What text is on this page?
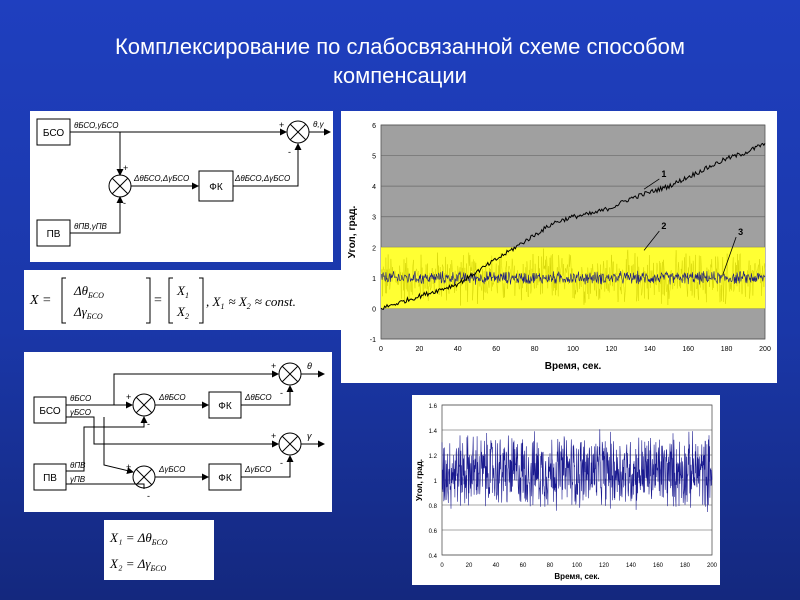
Комплексирование по слабосвязанной схеме способом
компенсации
БСО
ПВ
ФК
θБСО,γБСО
θПВ,γПВ
ΔθБСО,ΔγБСО	ΔθБСО,ΔγБСО
θ,γ
+
-
+
-
X =
$\Delta\theta_{БСО}$
$\Delta\gamma_{БСО}$
=
$X_1$
$X_2$
, $X_1 \approx X_2$ ≈ const.
БСО
ПВ
ФК
ФК
θБСО
γБСО
θПВ
γПВ
ΔθБСО
ΔγБСО
ΔθБСО
ΔγБСО
θ
γ
+
-
+
-
+
-
+
-
$X_1 = \Delta\theta_{БСО}$
$X_2 = \Delta\gamma_{БСО}$
-1
0
1
2
3
4
5
6
0	20	40	60	80	100	120	140	160	180	200
1
2
3
Время, сек.
Угол, град.
0.4
0.6
0.8
1
1.2
1.4
1.6
0	20	40	60	80	100	120	140	160	180	200
Время, сек.
Угол, град.
